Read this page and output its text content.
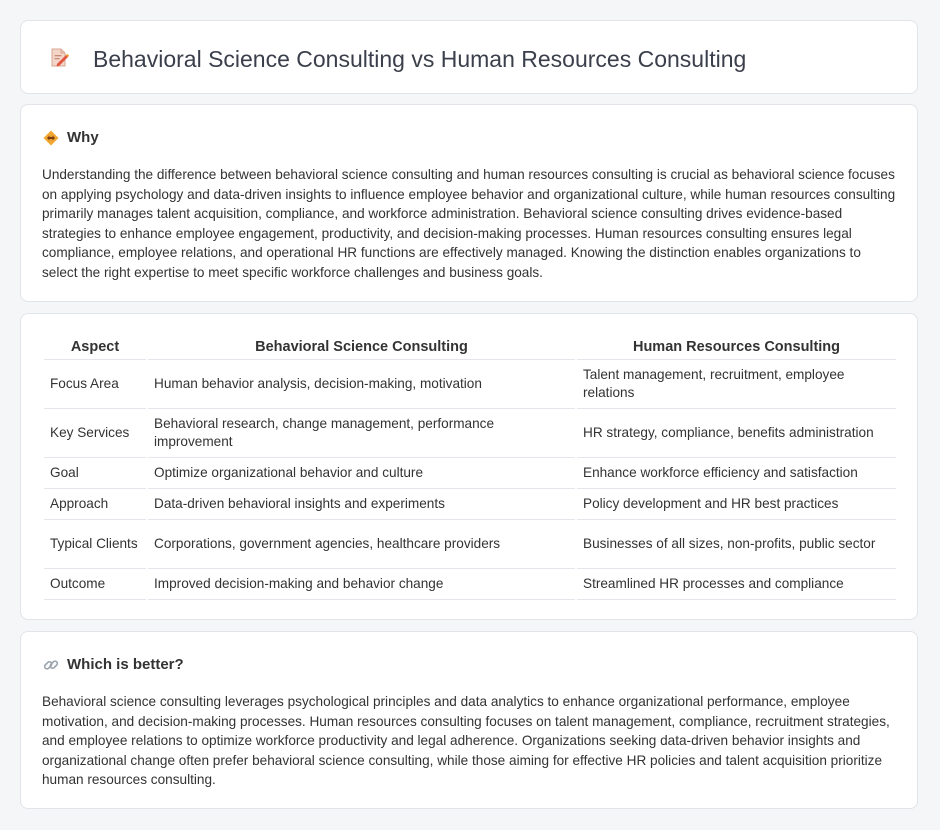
Behavioral Science Consulting vs Human Resources Consulting
Why

Understanding the difference between behavioral science consulting and human resources consulting is crucial as behavioral science focuses on applying psychology and data-driven insights to influence employee behavior and organizational culture, while human resources consulting primarily manages talent acquisition, compliance, and workforce administration. Behavioral science consulting drives evidence-based strategies to enhance employee engagement, productivity, and decision-making processes. Human resources consulting ensures legal compliance, employee relations, and operational HR functions are effectively managed. Knowing the distinction enables organizations to select the right expertise to meet specific workforce challenges and business goals.

Aspect	Behavioral Science Consulting	Human Resources Consulting
Focus Area	Human behavior analysis, decision-making, motivation	Talent management, recruitment, employee relations
Key Services	Behavioral research, change management, performance improvement	HR strategy, compliance, benefits administration
Goal	Optimize organizational behavior and culture	Enhance workforce efficiency and satisfaction
Approach	Data-driven behavioral insights and experiments	Policy development and HR best practices
Typical Clients	Corporations, government agencies, healthcare providers	Businesses of all sizes, non-profits, public sector
Outcome	Improved decision-making and behavior change	Streamlined HR processes and compliance
Which is better?

Behavioral science consulting leverages psychological principles and data analytics to enhance organizational performance, employee motivation, and decision-making processes. Human resources consulting focuses on talent management, compliance, recruitment strategies, and employee relations to optimize workforce productivity and legal adherence. Organizations seeking data-driven behavior insights and organizational change often prefer behavioral science consulting, while those aiming for effective HR policies and talent acquisition prioritize human resources consulting.
